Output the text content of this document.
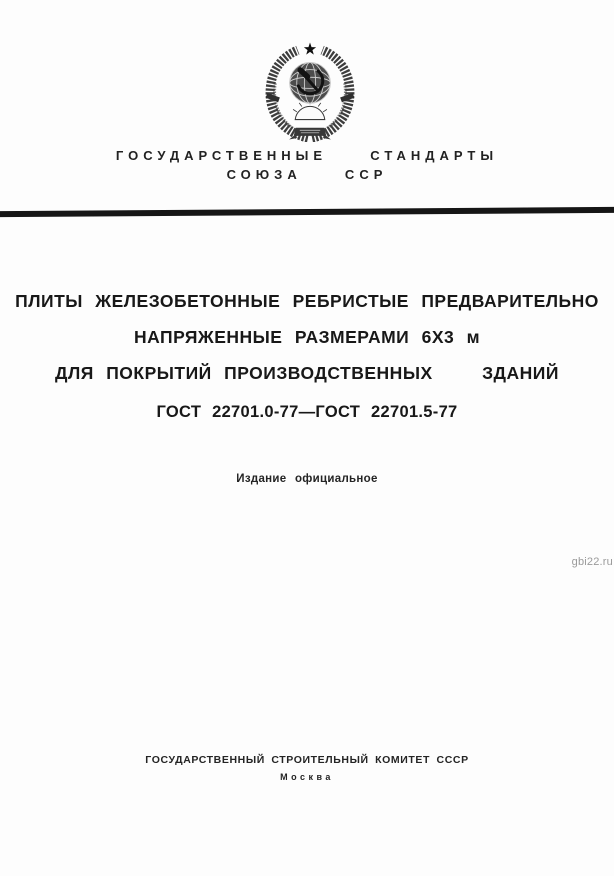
ГОСУДАРСТВЕННЫЕ  СТАНДАРТЫ
СОЮЗА  ССР
ПЛИТЫ ЖЕЛЕЗОБЕТОННЫЕ РЕБРИСТЫЕ ПРЕДВАРИТЕЛЬНО
НАПРЯЖЕННЫЕ РАЗМЕРАМИ 6Х3 м
ДЛЯ ПОКРЫТИЙ ПРОИЗВОДСТВЕННЫХ    ЗДАНИЙ
ГОСТ 22701.0-77—ГОСТ 22701.5-77
Издание официальное
gbi22.ru
ГОСУДАРСТВЕННЫЙ СТРОИТЕЛЬНЫЙ КОМИТЕТ СССР
Москва
